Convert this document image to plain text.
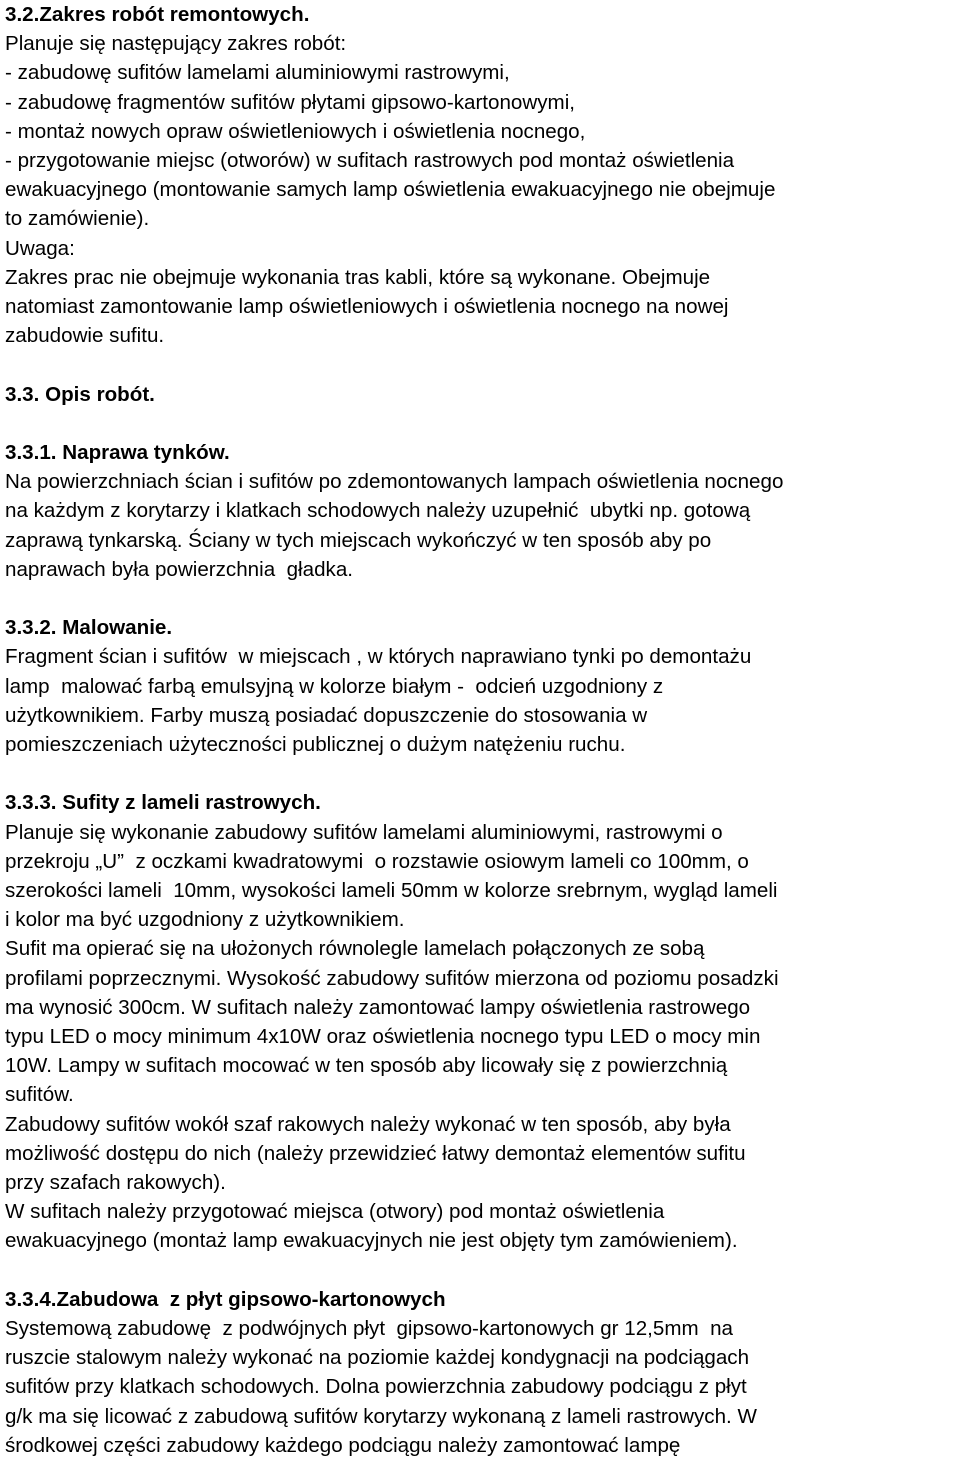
3.2.Zakres robót remontowych.
Planuje się następujący zakres robót:
- zabudowę sufitów lamelami aluminiowymi rastrowymi,
- zabudowę fragmentów sufitów płytami gipsowo-kartonowymi,
- montaż nowych opraw oświetleniowych i oświetlenia nocnego,
- przygotowanie miejsc (otworów) w sufitach rastrowych pod montaż oświetlenia
ewakuacyjnego (montowanie samych lamp oświetlenia ewakuacyjnego nie obejmuje
to zamówienie).
Uwaga:
Zakres prac nie obejmuje wykonania tras kabli, które są wykonane. Obejmuje
natomiast zamontowanie lamp oświetleniowych i oświetlenia nocnego na nowej
zabudowie sufitu.
3.3. Opis robót.
3.3.1. Naprawa tynków.
Na powierzchniach ścian i sufitów po zdemontowanych lampach oświetlenia nocnego
na każdym z korytarzy i klatkach schodowych należy uzupełnić  ubytki np. gotową
zaprawą tynkarską. Ściany w tych miejscach wykończyć w ten sposób aby po
naprawach była powierzchnia  gładka.
3.3.2. Malowanie.
Fragment ścian i sufitów  w miejscach , w których naprawiano tynki po demontażu
lamp  malować farbą emulsyjną w kolorze białym -  odcień uzgodniony z
użytkownikiem. Farby muszą posiadać dopuszczenie do stosowania w
pomieszczeniach użyteczności publicznej o dużym natężeniu ruchu.
3.3.3. Sufity z lameli rastrowych.
Planuje się wykonanie zabudowy sufitów lamelami aluminiowymi, rastrowymi o
przekroju „U”  z oczkami kwadratowymi  o rozstawie osiowym lameli co 100mm, o
szerokości lameli  10mm, wysokości lameli 50mm w kolorze srebrnym, wygląd lameli
i kolor ma być uzgodniony z użytkownikiem.
Sufit ma opierać się na ułożonych równolegle lamelach połączonych ze sobą
profilami poprzecznymi. Wysokość zabudowy sufitów mierzona od poziomu posadzki
ma wynosić 300cm. W sufitach należy zamontować lampy oświetlenia rastrowego
typu LED o mocy minimum 4x10W oraz oświetlenia nocnego typu LED o mocy min
10W. Lampy w sufitach mocować w ten sposób aby licowały się z powierzchnią
sufitów.
Zabudowy sufitów wokół szaf rakowych należy wykonać w ten sposób, aby była
możliwość dostępu do nich (należy przewidzieć łatwy demontaż elementów sufitu
przy szafach rakowych).
W sufitach należy przygotować miejsca (otwory) pod montaż oświetlenia
ewakuacyjnego (montaż lamp ewakuacyjnych nie jest objęty tym zamówieniem).
3.3.4.Zabudowa  z płyt gipsowo-kartonowych
Systemową zabudowę  z podwójnych płyt  gipsowo-kartonowych gr 12,5mm  na
ruszcie stalowym należy wykonać na poziomie każdej kondygnacji na podciągach
sufitów przy klatkach schodowych. Dolna powierzchnia zabudowy podciągu z płyt
g/k ma się licować z zabudową sufitów korytarzy wykonaną z lameli rastrowych. W
środkowej części zabudowy każdego podciągu należy zamontować lampę
